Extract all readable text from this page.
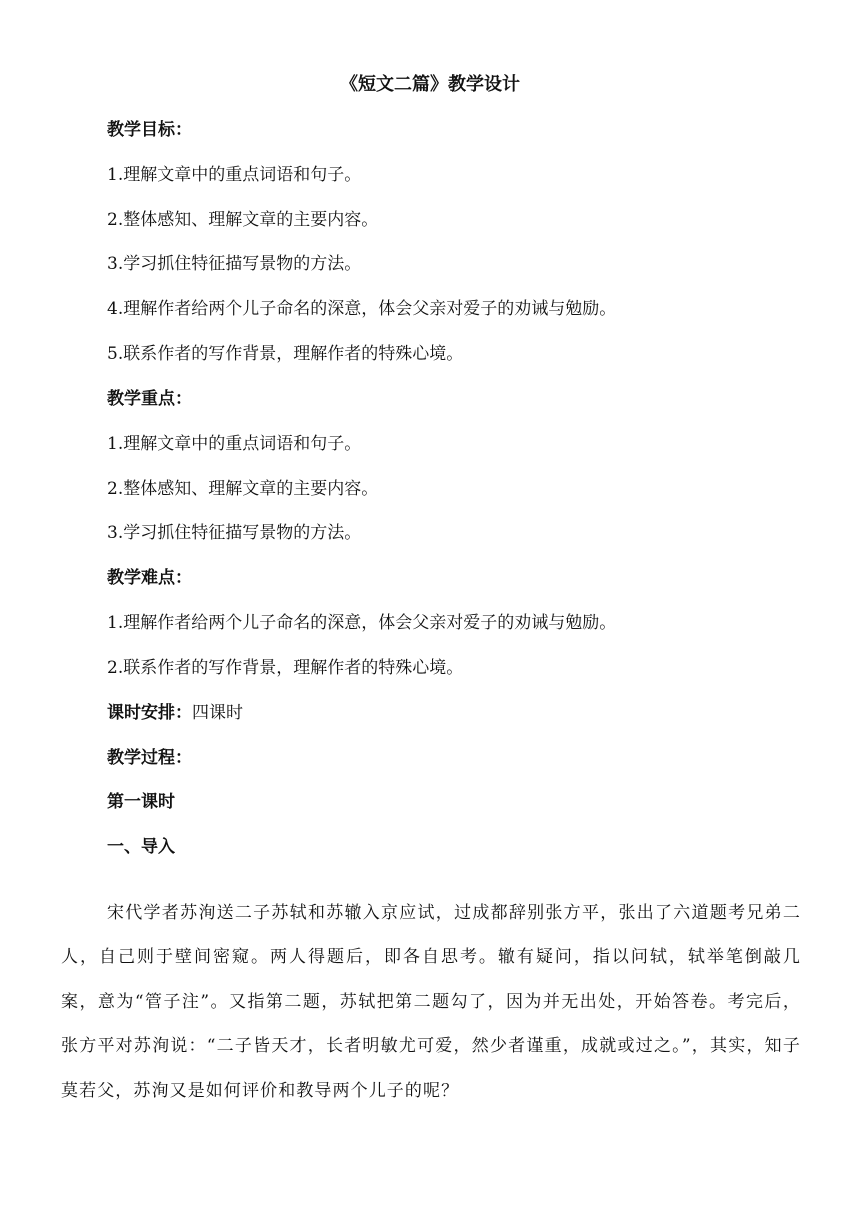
《短文二篇》教学设计
教学目标：
1.理解文章中的重点词语和句子。
2.整体感知、理解文章的主要内容。
3.学习抓住特征描写景物的方法。
4.理解作者给两个儿子命名的深意，体会父亲对爱子的劝诫与勉励。
5.联系作者的写作背景，理解作者的特殊心境。
教学重点：
1.理解文章中的重点词语和句子。
2.整体感知、理解文章的主要内容。
3.学习抓住特征描写景物的方法。
教学难点：
1.理解作者给两个儿子命名的深意，体会父亲对爱子的劝诫与勉励。
2.联系作者的写作背景，理解作者的特殊心境。
课时安排：四课时
教学过程：
第一课时
一、导入

宋代学者苏洵送二子苏轼和苏辙入京应试，过成都辞别张方平，张出了六道题考兄弟二人，自己则于壁间密窥。两人得题后，即各自思考。辙有疑问，指以问轼，轼举笔倒敲几案，意为“管子注”。又指第二题，苏轼把第二题勾了，因为并无出处，开始答卷。考完后，张方平对苏洵说：“二子皆天才，长者明敏尤可爱，然少者谨重，成就或过之。”，其实，知子莫若父，苏洵又是如何评价和教导两个儿子的呢？
